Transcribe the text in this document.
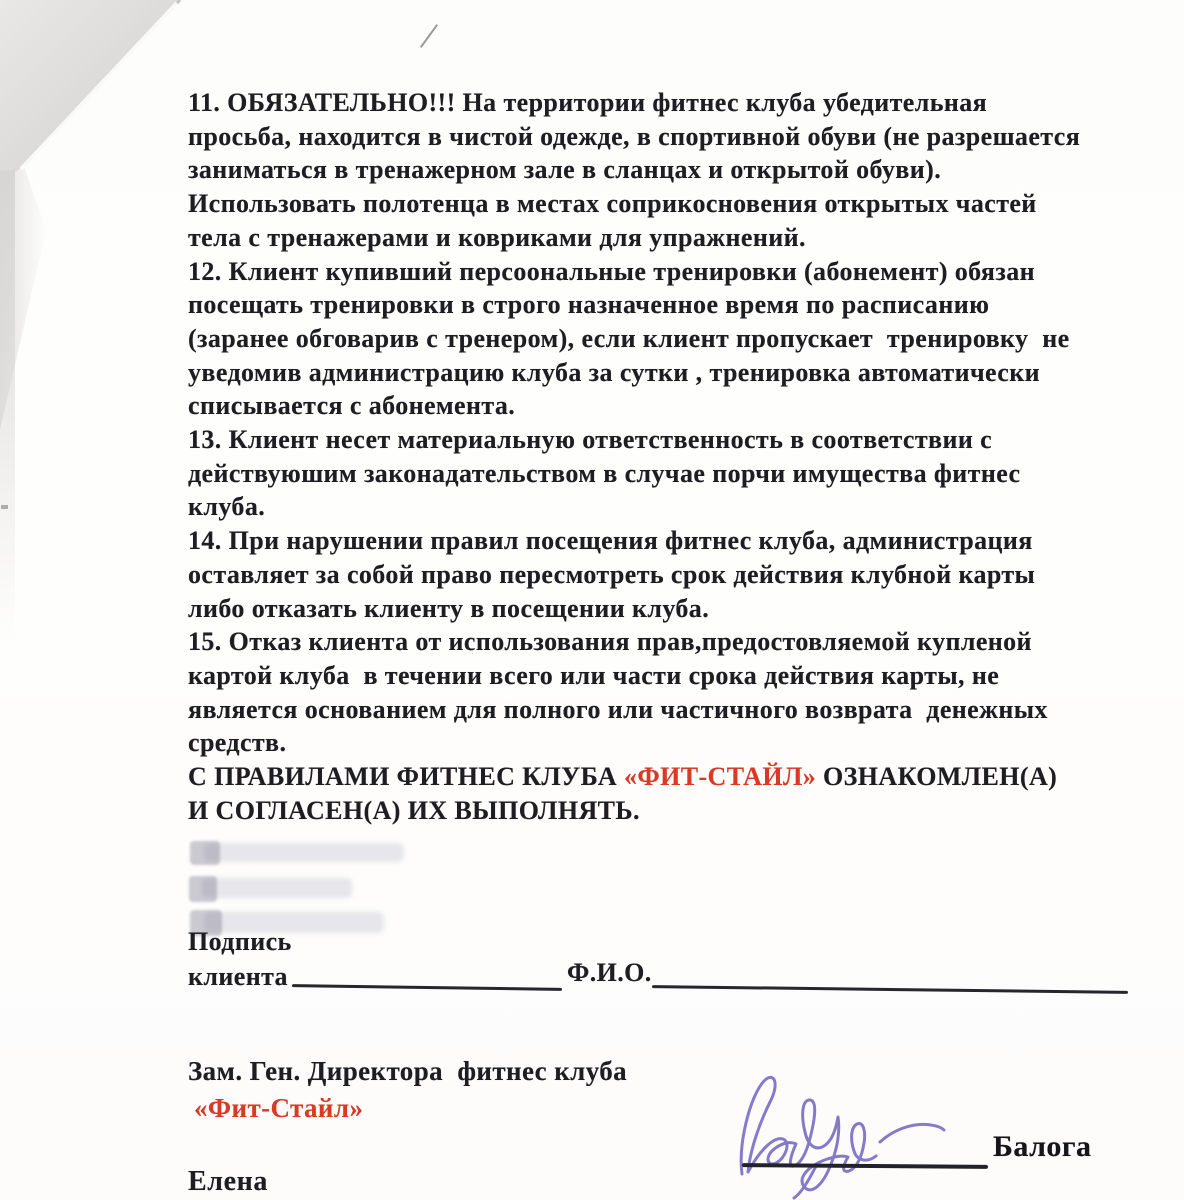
11. ОБЯЗАТЕЛЬНО!!! На территории фитнес клуба убедительная
просьба, находится в чистой одежде, в спортивной обуви (не разрешается
заниматься в тренажерном зале в сланцах и открытой обуви).
Использовать полотенца в местах соприкосновения открытых частей
тела с тренажерами и ковриками для упражнений.
12. Клиент купивший персоональные тренировки (абонемент) обязан
посещать тренировки в строго назначенное время по расписанию
(заранее обговарив с тренером), если клиент пропускает  тренировку  не
уведомив администрацию клуба за сутки , тренировка автоматически
списывается с абонемента.
13. Клиент несет материальную ответственность в соответствии с
действуюшим законадательством в случае порчи имущества фитнес
клуба.
14. При нарушении правил посещения фитнес клуба, администрация
оставляет за собой право пересмотреть срок действия клубной карты
либо отказать клиенту в посещении клуба.
15. Отказ клиента от использования прав,предостовляемой купленой
картой клуба  в течении всего или части срока действия карты, не
является основанием для полного или частичного возврата  денежных
средств.
С ПРАВИЛАМИ ФИТНЕС КЛУБА «ФИТ-СТАЙЛ» ОЗНАКОМЛЕН(А)
И СОГЛАСЕН(А) ИХ ВЫПОЛНЯТЬ.
Подпись
клиента	Ф.И.О.
Зам. Ген. Директора  фитнес клуба
«Фит-Стайл»
Елена
Балога
